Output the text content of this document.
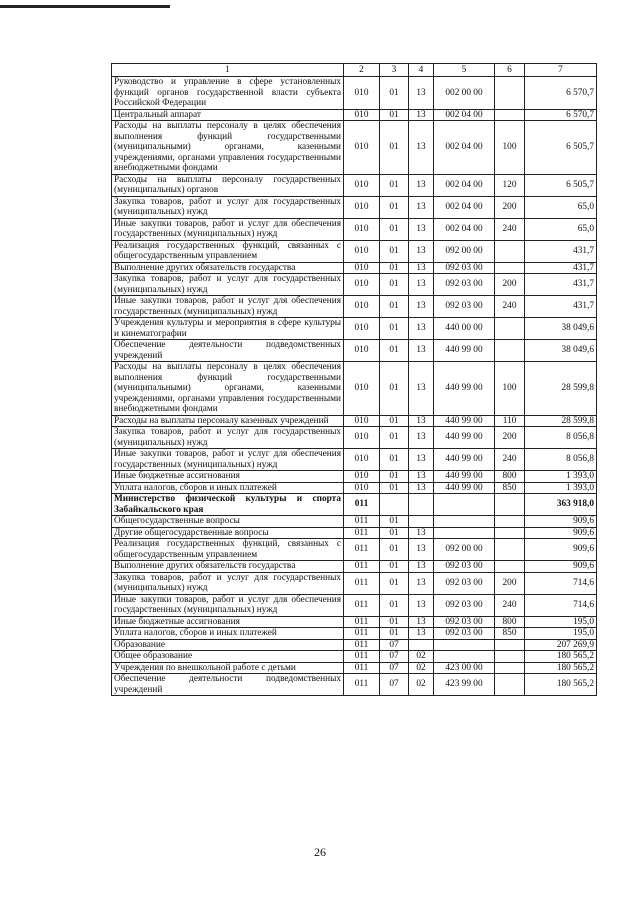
1	2	3	4	5	6	7
Руководство и управление в сфере установленных функций органов государственной власти субъекта Российской Федерации	010	01	13	002 00 00		6 570,7
Центральный аппарат	010	01	13	002 04 00		6 570,7
Расходы на выплаты персоналу в целях обеспечения выполнения функций государственными (муниципальными) органами, казенными учреждениями, органами управления государственными внебюджетными фондами	010	01	13	002 04 00	100	6 505,7
Расходы на выплаты персоналу государственных (муниципальных) органов	010	01	13	002 04 00	120	6 505,7
Закупка товаров, работ и услуг для государственных (муниципальных) нужд	010	01	13	002 04 00	200	65,0
Иные закупки товаров, работ и услуг для обеспечения государственных (муниципальных) нужд	010	01	13	002 04 00	240	65,0
Реализация государственных функций, связанных с общегосударственным управлением	010	01	13	092 00 00		431,7
Выполнение других обязательств государства	010	01	13	092 03 00		431,7
Закупка товаров, работ и услуг для государственных (муниципальных) нужд	010	01	13	092 03 00	200	431,7
Иные закупки товаров, работ и услуг для обеспечения государственных (муниципальных) нужд	010	01	13	092 03 00	240	431,7
Учреждения культуры и мероприятия в сфере культуры и кинематографии	010	01	13	440 00 00		38 049,6
Обеспечение деятельности подведомственных учреждений	010	01	13	440 99 00		38 049,6
Расходы на выплаты персоналу в целях обеспечения выполнения функций государственными (муниципальными) органами, казенными учреждениями, органами управления государственными внебюджетными фондами	010	01	13	440 99 00	100	28 599,8
Расходы на выплаты персоналу казенных учреждений	010	01	13	440 99 00	110	28 599,8
Закупка товаров, работ и услуг для государственных (муниципальных) нужд	010	01	13	440 99 00	200	8 056,8
Иные закупки товаров, работ и услуг для обеспечения государственных (муниципальных) нужд	010	01	13	440 99 00	240	8 056,8
Иные бюджетные ассигнования	010	01	13	440 99 00	800	1 393,0
Уплата налогов, сборов и иных платежей	010	01	13	440 99 00	850	1 393,0
Министерство физической культуры и спорта Забайкальского края	011					363 918,0
Общегосударственные вопросы	011	01				909,6
Другие общегосударственные вопросы	011	01	13			909,6
Реализация государственных функций, связанных с общегосударственным управлением	011	01	13	092 00 00		909,6
Выполнение других обязательств государства	011	01	13	092 03 00		909,6
Закупка товаров, работ и услуг для государственных (муниципальных) нужд	011	01	13	092 03 00	200	714,6
Иные закупки товаров, работ и услуг для обеспечения государственных (муниципальных) нужд	011	01	13	092 03 00	240	714,6
Иные бюджетные ассигнования	011	01	13	092 03 00	800	195,0
Уплата налогов, сборов и иных платежей	011	01	13	092 03 00	850	195,0
Образование	011	07				207 269,9
Общее образование	011	07	02			180 565,2
Учреждения по внешкольной работе с детьми	011	07	02	423 00 00		180 565,2
Обеспечение деятельности подведомственных учреждений	011	07	02	423 99 00		180 565,2
26
